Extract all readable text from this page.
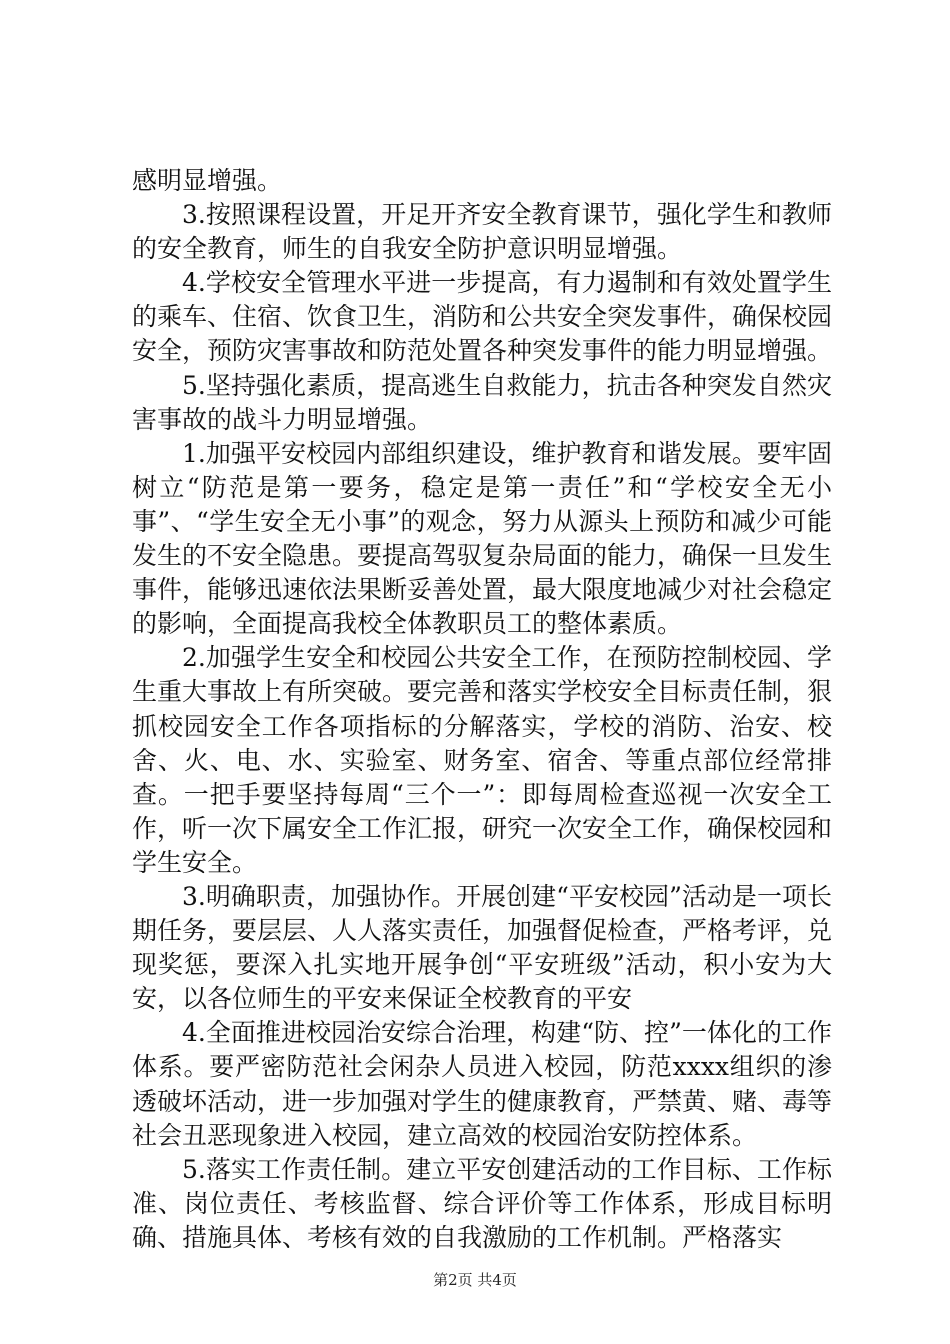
感明显增强。

3.按照课程设置，开足开齐安全教育课节，强化学生和教师的安全教育，师生的自我安全防护意识明显增强。

4.学校安全管理水平进一步提高，有力遏制和有效处置学生的乘车、住宿、饮食卫生，消防和公共安全突发事件，确保校园安全，预防灾害事故和防范处置各种突发事件的能力明显增强。

5.坚持强化素质，提高逃生自救能力，抗击各种突发自然灾害事故的战斗力明显增强。

1.加强平安校园内部组织建设，维护教育和谐发展。要牢固树立“防范是第一要务，稳定是第一责任”和“学校安全无小事”、“学生安全无小事”的观念，努力从源头上预防和减少可能发生的不安全隐患。要提高驾驭复杂局面的能力，确保一旦发生事件，能够迅速依法果断妥善处置，最大限度地减少对社会稳定的影响，全面提高我校全体教职员工的整体素质。

2.加强学生安全和校园公共安全工作，在预防控制校园、学生重大事故上有所突破。要完善和落实学校安全目标责任制，狠抓校园安全工作各项指标的分解落实，学校的消防、治安、校舍、火、电、水、实验室、财务室、宿舍、等重点部位经常排查。一把手要坚持每周“三个一”：即每周检查巡视一次安全工作，听一次下属安全工作汇报，研究一次安全工作，确保校园和学生安全。

3.明确职责，加强协作。开展创建“平安校园”活动是一项长期任务，要层层、人人落实责任，加强督促检查，严格考评，兑现奖惩，要深入扎实地开展争创“平安班级”活动，积小安为大安，以各位师生的平安来保证全校教育的平安

4.全面推进校园治安综合治理，构建“防、控”一体化的工作体系。要严密防范社会闲杂人员进入校园，防范xxxx组织的渗透破坏活动，进一步加强对学生的健康教育，严禁黄、赌、毒等社会丑恶现象进入校园，建立高效的校园治安防控体系。

5.落实工作责任制。建立平安创建活动的工作目标、工作标准、岗位责任、考核监督、综合评价等工作体系，形成目标明确、措施具体、考核有效的自我激励的工作机制。严格落实

第2页 共4页
